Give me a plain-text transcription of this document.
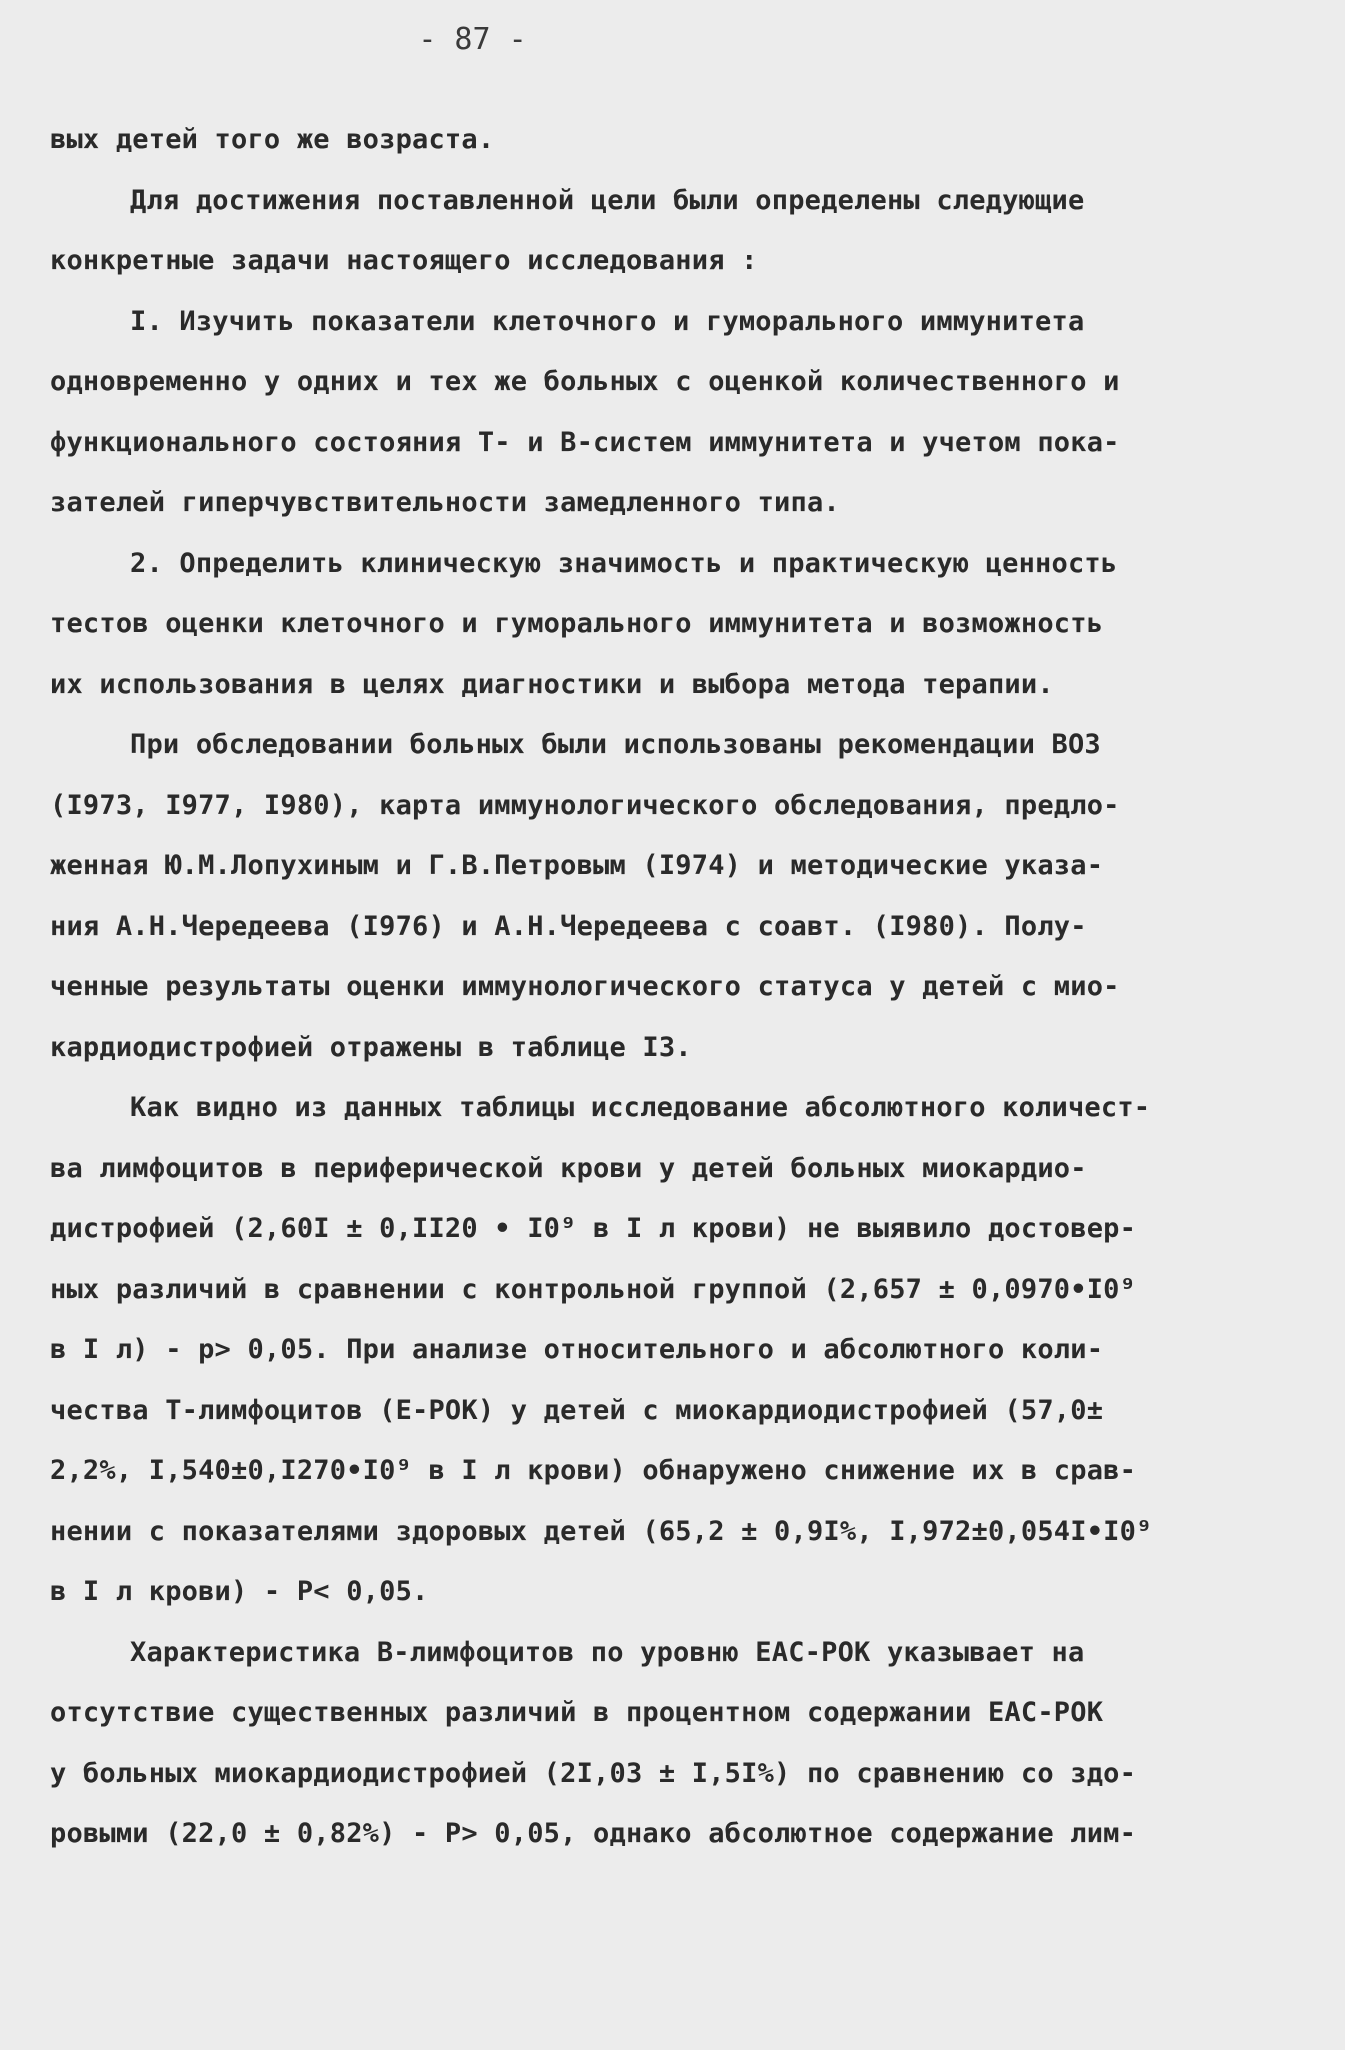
- 87 -
вых детей того же возраста.
Для достижения поставленной цели были определены следующие
конкретные задачи настоящего исследования :
I. Изучить показатели клеточного и гуморального иммунитета
одновременно у одних и тех же больных с оценкой количественного и
функционального состояния Т- и В-систем иммунитета и учетом пока-
зателей гиперчувствительности замедленного типа.
2. Определить клиническую значимость и практическую ценность
тестов оценки клеточного и гуморального иммунитета и возможность
их использования в целях диагностики и выбора метода терапии.
При обследовании больных были использованы рекомендации ВОЗ
(I973, I977, I980), карта иммунологического обследования, предло-
женная Ю.М.Лопухиным и Г.В.Петровым (I974) и методические указа-
ния А.Н.Чередеева (I976) и А.Н.Чередеева с соавт. (I980). Полу-
ченные результаты оценки иммунологического статуса у детей с мио-
кардиодистрофией отражены в таблице I3.
Как видно из данных таблицы исследование абсолютного количест-
ва лимфоцитов в периферической крови у детей больных миокардио-
дистрофией (2,60I ± 0,II20 • I0⁹ в I л крови) не выявило достовер-
ных различий в сравнении с контрольной группой (2,657 ± 0,0970•I0⁹
в I л) - p> 0,05. При анализе относительного и абсолютного коли-
чества Т-лимфоцитов (Е-РОК) у детей с миокардиодистрофией (57,0±
2,2%, I,540±0,I270•I0⁹ в I л крови) обнаружено снижение их в срав-
нении с показателями здоровых детей (65,2 ± 0,9I%, I,972±0,054I•I0⁹
в I л крови) - P< 0,05.
Характеристика В-лимфоцитов по уровню ЕАС-РОК указывает на
отсутствие существенных различий в процентном содержании ЕАС-РОК
у больных миокардиодистрофией (2I,03 ± I,5I%) по сравнению со здо-
ровыми (22,0 ± 0,82%) - P> 0,05, однако абсолютное содержание лим-
